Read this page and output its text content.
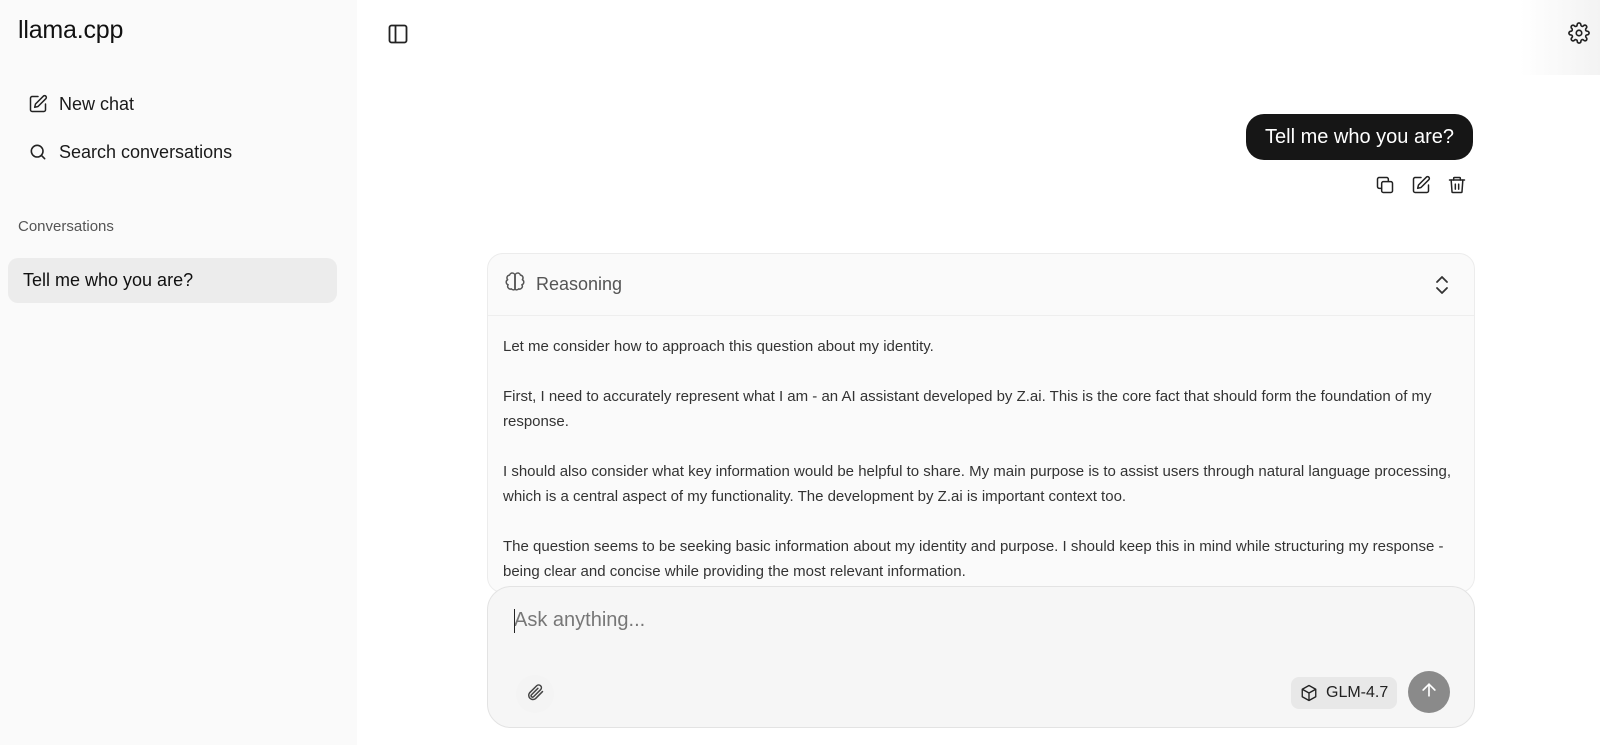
llama.cpp
New chat
Search conversations
Conversations
Tell me who you are?
Tell me who you are?
Reasoning

Let me consider how to approach this question about my identity.

First, I need to accurately represent what I am - an AI assistant developed by Z.ai. This is the core fact that should form the foundation of my response.

I should also consider what key information would be helpful to share. My main purpose is to assist users through natural language processing, which is a central aspect of my functionality. The development by Z.ai is important context too.

The question seems to be seeking basic information about my identity and purpose. I should keep this in mind while structuring my response - being clear and concise while providing the most relevant information.

Ask anything...
GLM-4.7
